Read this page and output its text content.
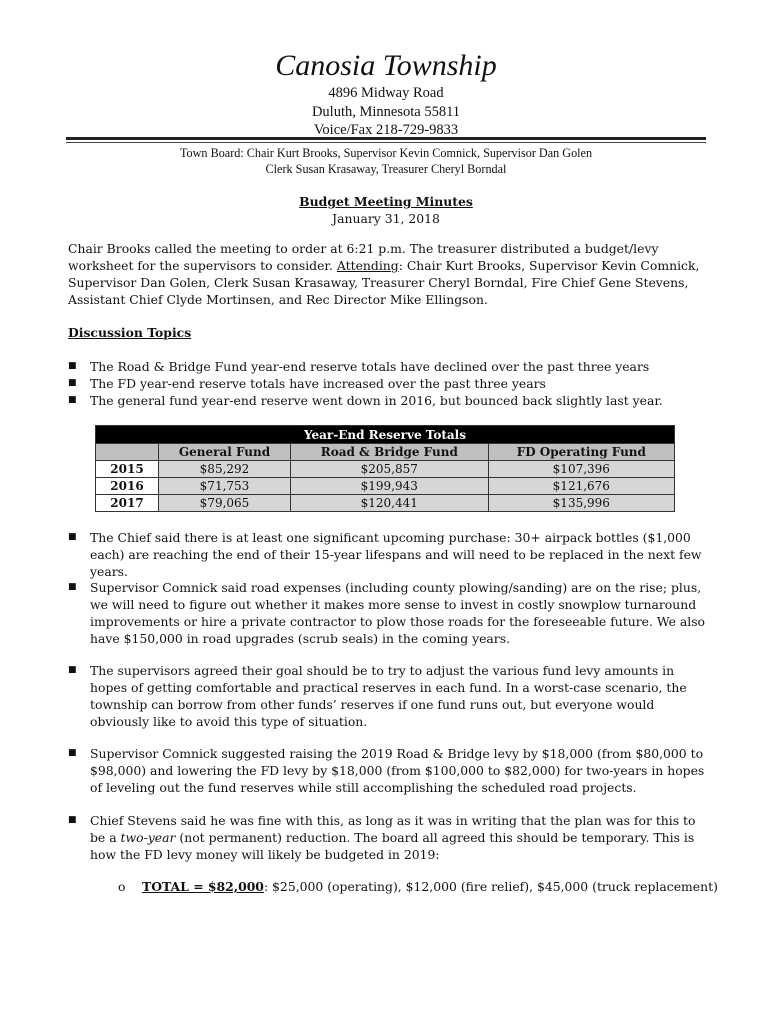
Canosia Township
4896 Midway Road
Duluth, Minnesota 55811
Voice/Fax 218-729-9833
Town Board: Chair Kurt Brooks, Supervisor Kevin Comnick, Supervisor Dan Golen
Clerk Susan Krasaway, Treasurer Cheryl Borndal
Budget Meeting Minutes
January 31, 2018
Chair Brooks called the meeting to order at 6:21 p.m. The treasurer distributed a budget/levy worksheet for the supervisors to consider. Attending: Chair Kurt Brooks, Supervisor Kevin Comnick, Supervisor Dan Golen, Clerk Susan Krasaway, Treasurer Cheryl Borndal, Fire Chief Gene Stevens, Assistant Chief Clyde Mortinsen, and Rec Director Mike Ellingson.
Discussion Topics
■ The Road & Bridge Fund year-end reserve totals have declined over the past three years
■ The FD year-end reserve totals have increased over the past three years
■ The general fund year-end reserve went down in 2016, but bounced back slightly last year.
Year-End Reserve Totals			
	General Fund	Road & Bridge Fund	FD Operating Fund
2015	$85,292	$205,857	$107,396
2016	$71,753	$199,943	$121,676
2017	$79,065	$120,441	$135,996
■ The Chief said there is at least one significant upcoming purchase: 30+ airpack bottles ($1,000 each) are reaching the end of their 15-year lifespans and will need to be replaced in the next few years.
■ Supervisor Comnick said road expenses (including county plowing/sanding) are on the rise; plus, we will need to figure out whether it makes more sense to invest in costly snowplow turnaround improvements or hire a private contractor to plow those roads for the foreseeable future. We also have $150,000 in road upgrades (scrub seals) in the coming years.
■ The supervisors agreed their goal should be to try to adjust the various fund levy amounts in hopes of getting comfortable and practical reserves in each fund. In a worst-case scenario, the township can borrow from other funds’ reserves if one fund runs out, but everyone would obviously like to avoid this type of situation.
■ Supervisor Comnick suggested raising the 2019 Road & Bridge levy by $18,000 (from $80,000 to $98,000) and lowering the FD levy by $18,000 (from $100,000 to $82,000) for two-years in hopes of leveling out the fund reserves while still accomplishing the scheduled road projects.
■ Chief Stevens said he was fine with this, as long as it was in writing that the plan was for this to be a two-year (not permanent) reduction. The board all agreed this should be temporary. This is how the FD levy money will likely be budgeted in 2019:
o TOTAL = $82,000: $25,000 (operating), $12,000 (fire relief), $45,000 (truck replacement)
